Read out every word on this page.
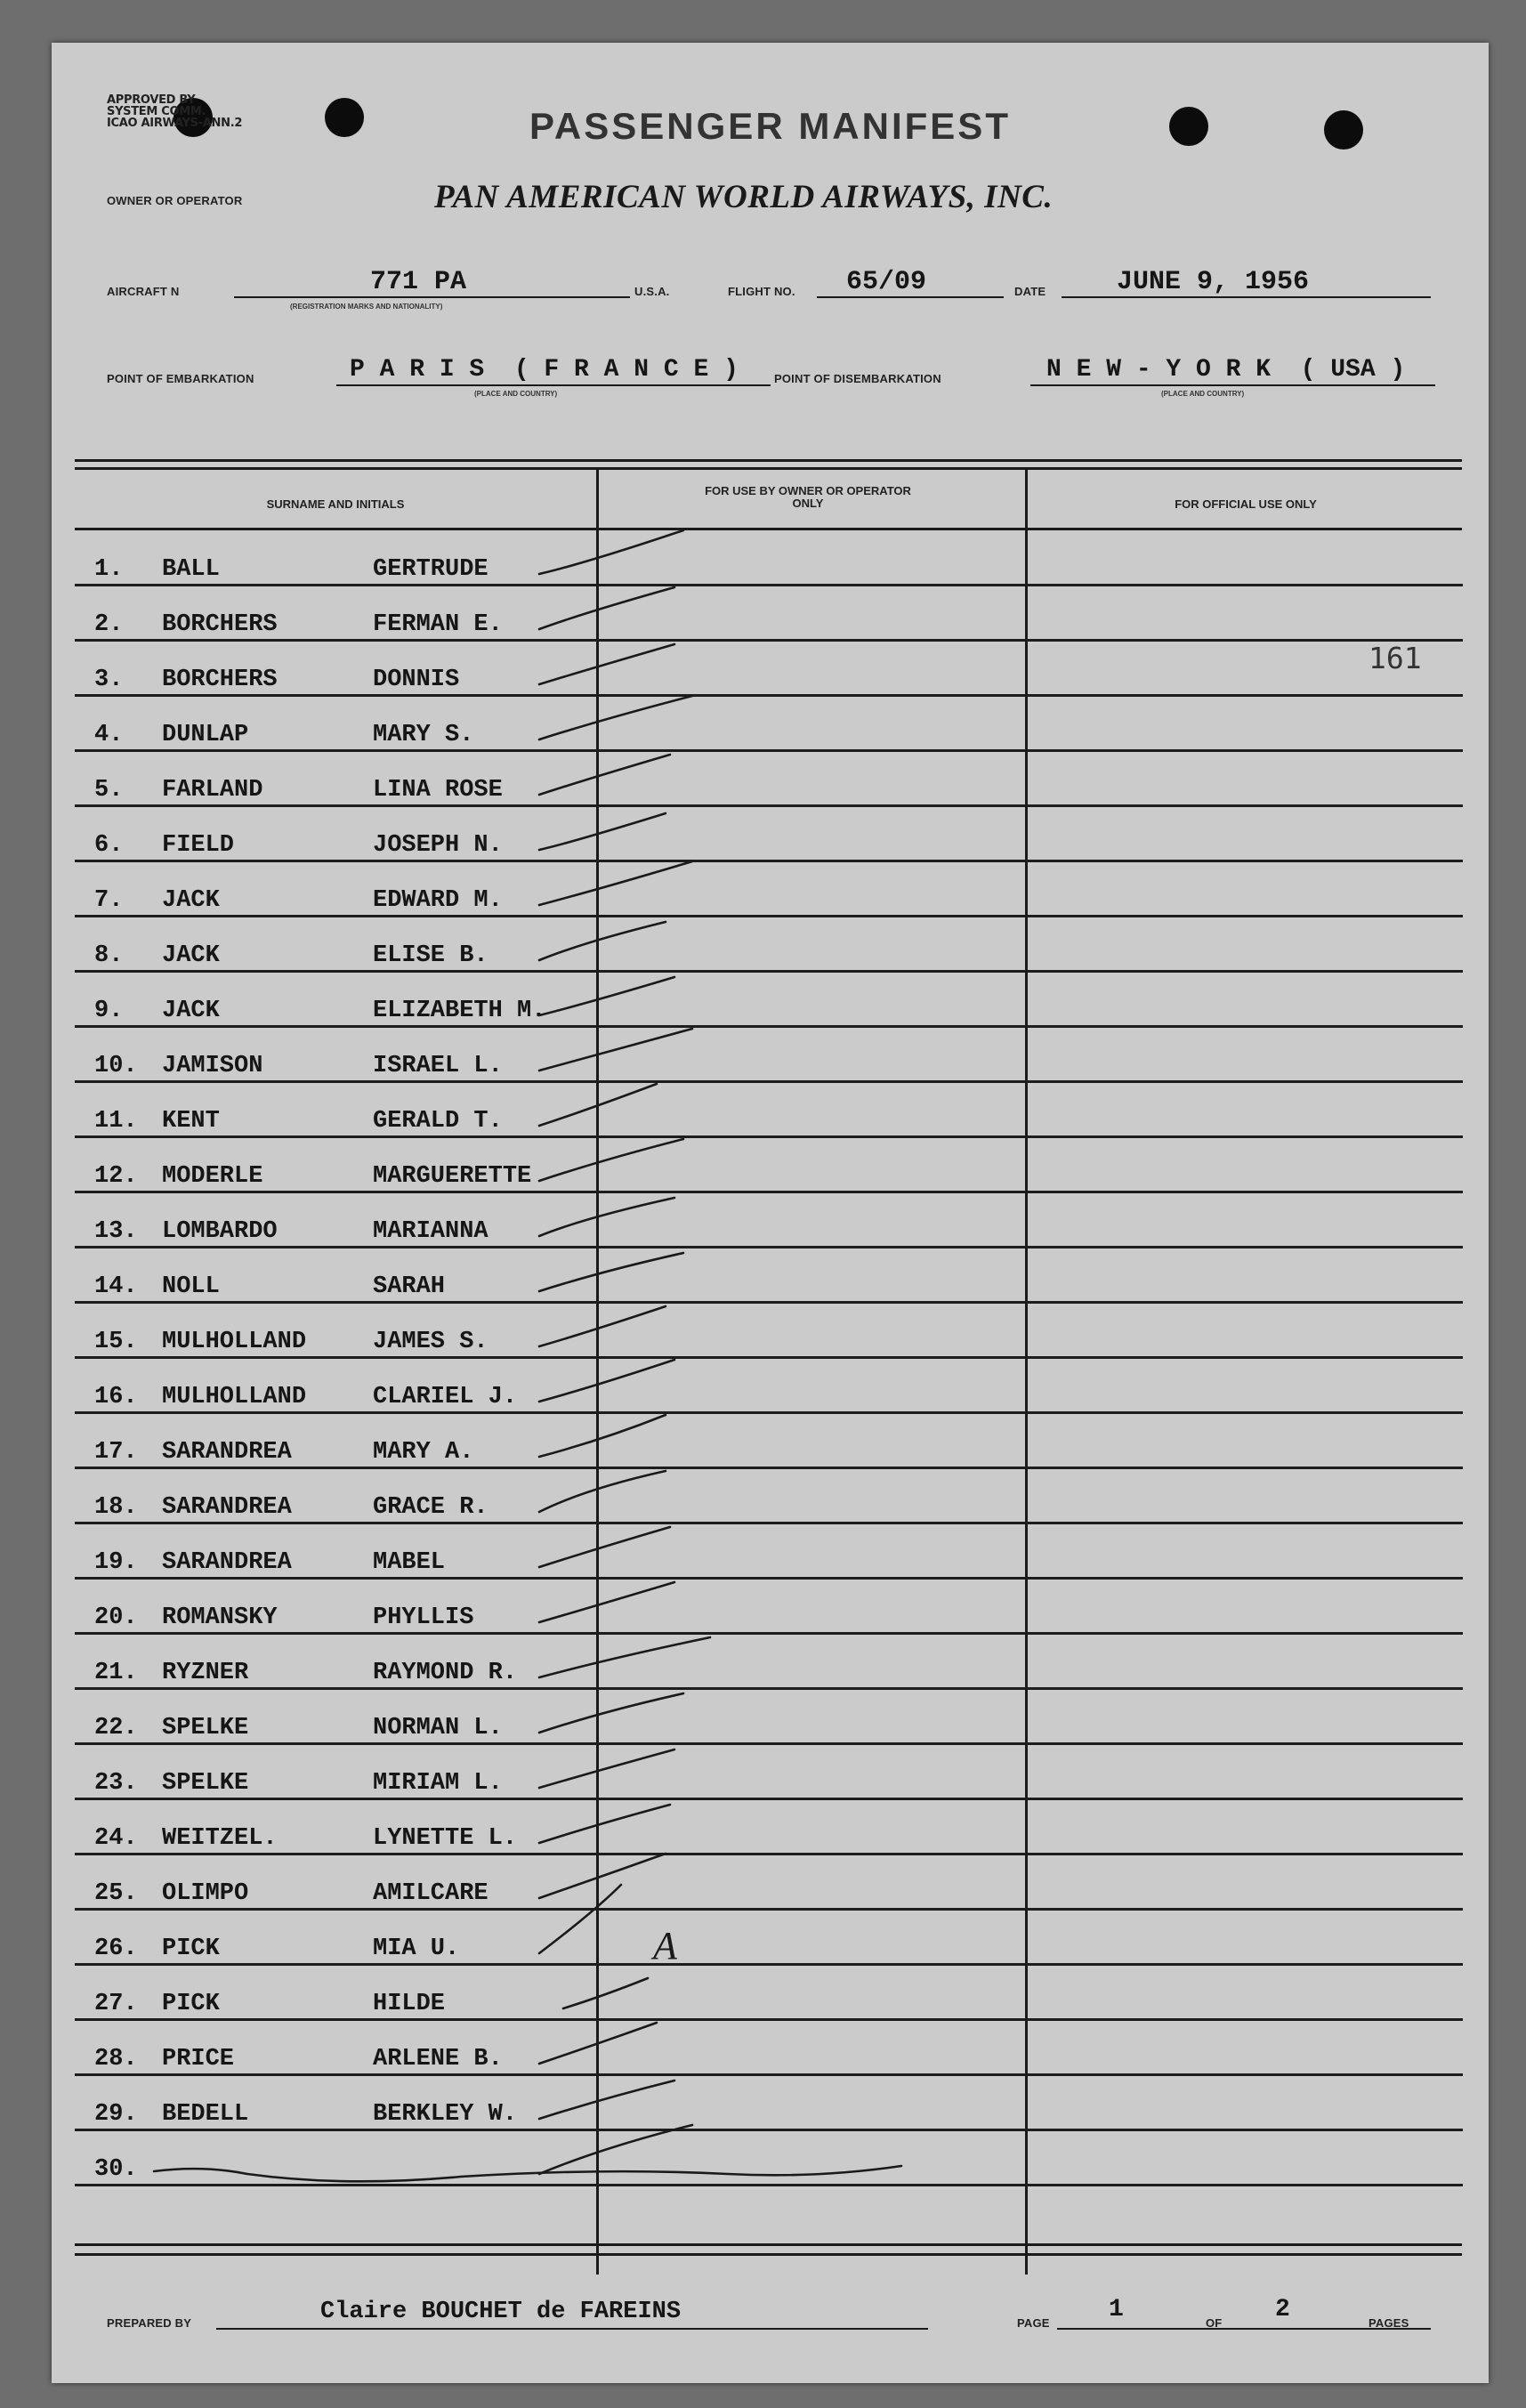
APPROVED BY
SYSTEM COMM.
ICAO AIRWAYS-ANN.2	PASSENGER MANIFEST
OWNER OR OPERATOR	PAN AMERICAN WORLD AIRWAYS, INC.
AIRCRAFT N	771 PA
(REGISTRATION MARKS AND NATIONALITY)
U.S.A.	FLIGHT NO. 65/09	DATE	JUNE 9, 1956
POINT OF EMBARKATION	P A R I S  ( F R A N C E )
(PLACE AND COUNTRY)
POINT OF DISEMBARKATION	N E W - Y O R K  ( USA )
(PLACE AND COUNTRY)
SURNAME AND INITIALS
FOR USE BY OWNER OR OPERATOR ONLY	FOR OFFICIAL USE ONLY
1.	BALL	GERTRUDE
2.	BORCHERS	FERMAN E.
3.	BORCHERS	DONNIS
4.	DUNLAP	MARY S.
5.	FARLAND	LINA ROSE
6.	FIELD	JOSEPH N.
7.	JACK	EDWARD M.
8.	JACK	ELISE B.
9.	JACK	ELIZABETH M.
10.	JAMISON	ISRAEL L.
11.	KENT	GERALD T.
12.	MODERLE	MARGUERETTE
13.	LOMBARDO	MARIANNA
14.	NOLL	SARAH
15.	MULHOLLAND	JAMES S.
16.	MULHOLLAND	CLARIEL J.
17.	SARANDREA	MARY A.
18.	SARANDREA	GRACE R.
19.	SARANDREA	MABEL
20.	ROMANSKY	PHYLLIS
21.	RYZNER	RAYMOND R.
22.	SPELKE	NORMAN L.
23.	SPELKE	MIRIAM L.
24.	WEITZEL.	LYNETTE L.
25.	OLIMPO	AMILCARE
26.	PICK	MIA U.
27.	PICK	HILDE
28.	PRICE	ARLENE B.
29.	BEDELL	BERKLEY W.
30.
161
A
PREPARED BY	Claire BOUCHET de FAREINS	PAGE 1	OF 2	PAGES
